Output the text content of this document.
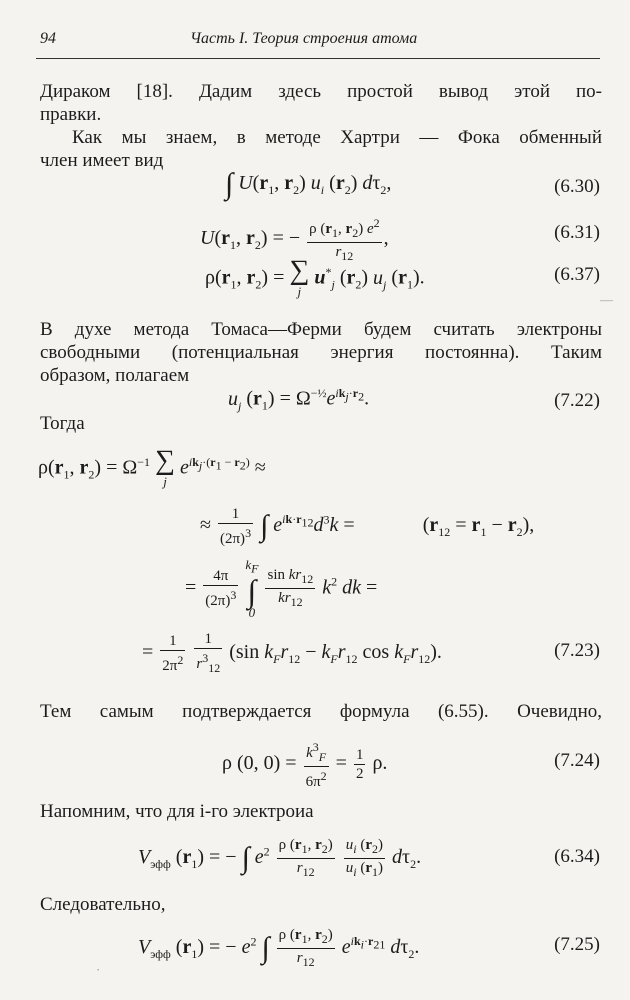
94	Часть I. Теория строения атома
Дираком [18]. Дадим здесь простой вывод этой по-
правки.
Как мы знаем, в методе Хартри — Фока обменный
член имеет вид
∫ $U(r_1$, $r_2$) $u_i$ $(r_2)$ $d\tau_2$,	(6.30)
$U(r_1$, $r_2$) = − $\frac{\rho (r_1, r_2) e^2}{r_{12}}$ ,	(6.31)
$\rho(r_1$, $r_2$) = ∑
j
$u^*_j$ $(r_2)$ $u_j$ $(r_1)$.	(6.37)
В духе метода Томаса—Ферми будем считать электроны
свободными (потенциальная энергия постоянна). Таким
образом, полагаем
$u_j$ $(r_1) = \Omega^{-\frac{1}{2}}e^{ik_j\cdot r_2}$.	(7.22)
Тогда
$\rho(r_1$, $r_2) = \Omega^{-1}$ ∑
j
$e^{ik_j\cdot(r_1 - r_2)}$ ≈
≈ $\frac{1}{(2\pi)^3}$ ∫ $e^{ik\cdot r_{12}}d^3k$ =	$(r_{12} = r_1 - r_2)$,
= $\frac{4\pi}{(2\pi)^3}$

$k_F$
∫
0

$\frac{\sin kr_{12}}{kr_{12}} k^2$ dk =
= $\frac{1}{2\pi^2}$
$\frac{1}{r^3_{12}} (\sin$ $k_Fr_{12} - k_Fr_{12}$ $\cos k_Fr_{12}$).	(7.23)
Тем самым подтверждается формула (6.55). Очевидно,
ρ (0, $0) = \frac{k^3_F}{6\pi^2} = \frac{1}{2} \rho$.	(7.24)
Напомним, что для i-го электроиа
$V_{эфф}$ $(r_1)$ = − ∫ $e^2 \frac{\rho (r_1, r_2)}{r_{12}}$
$\frac{u_i (r_2)}{u_i (r_1)} d\tau_2$.	(6.34)
Следовательно,
$V_{эфф}$ $(r_1)$ = − $e^2$ ∫ $\frac{\rho (r_1, r_2)}{r_{12}} e^{ik_i\cdot r_{21}}$ $d\tau_2$.	(7.25)
—
·
